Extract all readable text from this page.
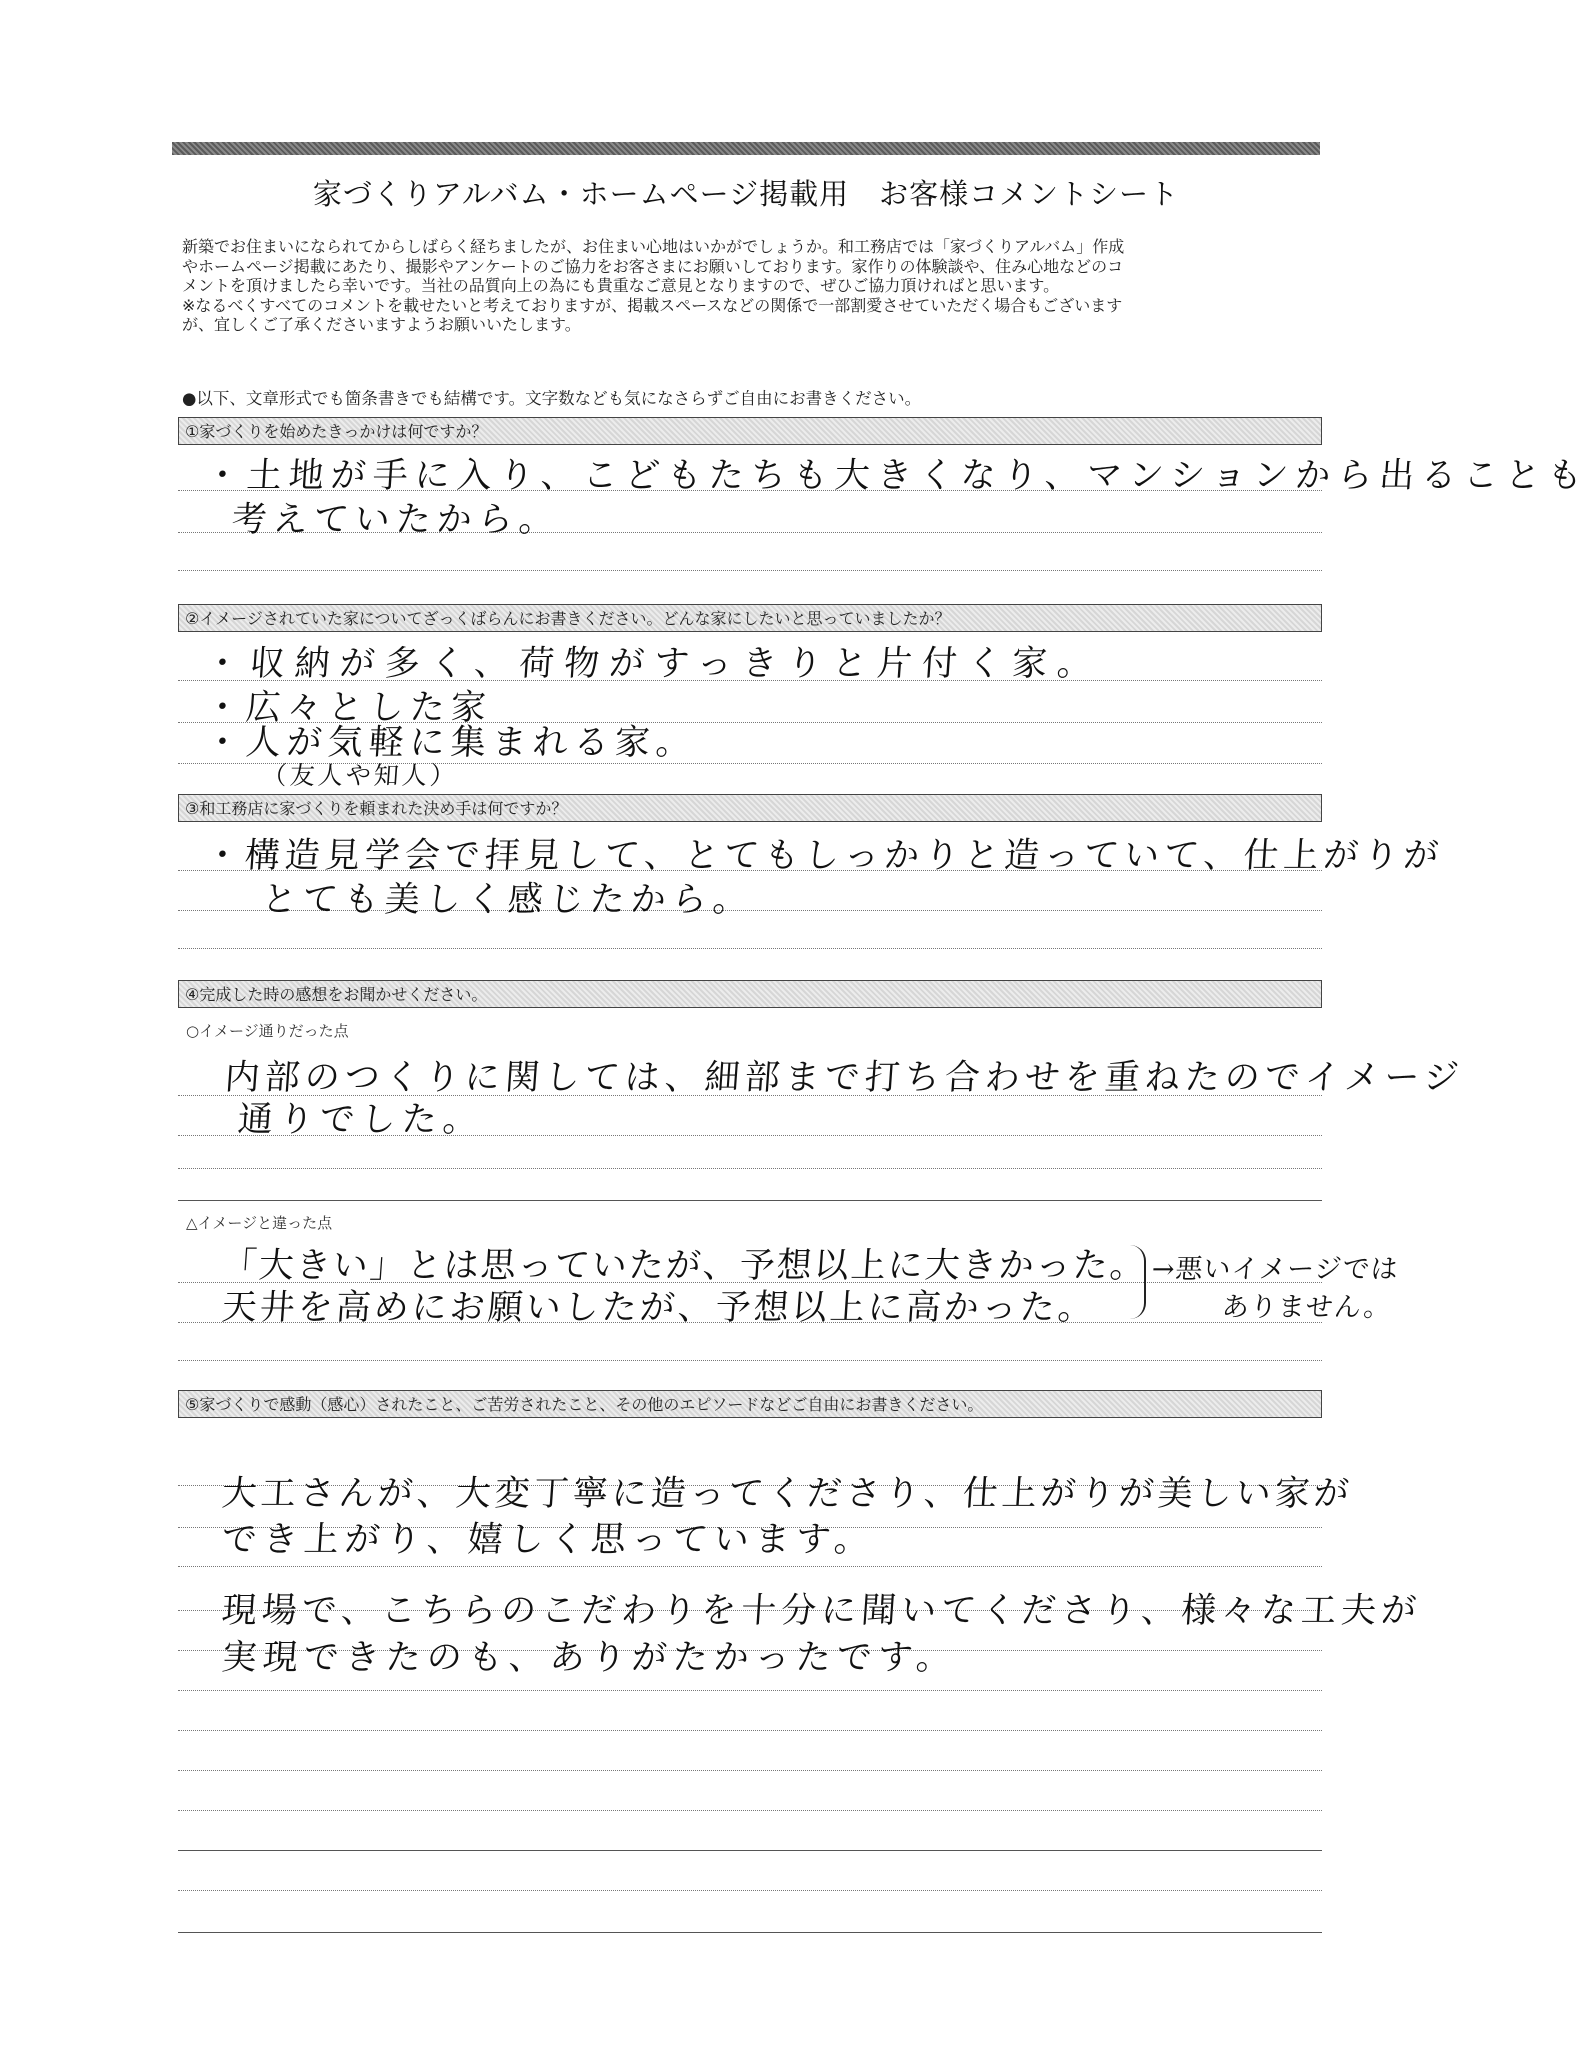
家づくりアルバム・ホームページ掲載用　お客様コメントシート
新築でお住まいになられてからしばらく経ちましたが、お住まい心地はいかがでしょうか。和工務店では「家づくりアルバム」作成
やホームページ掲載にあたり、撮影やアンケートのご協力をお客さまにお願いしております。家作りの体験談や、住み心地などのコ
メントを頂けましたら幸いです。当社の品質向上の為にも貴重なご意見となりますので、ぜひご協力頂ければと思います。
※なるべくすべてのコメントを載せたいと考えておりますが、掲載スペースなどの関係で一部割愛させていただく場合もございます
が、宜しくご了承くださいますようお願いいたします。
●以下、文章形式でも箇条書きでも結構です。文字数なども気になさらずご自由にお書きください。
①家づくりを始めたきっかけは何ですか？
・土地が手に入り、こどもたちも大きくなり、マンションから出ることも
考えていたから。
②イメージされていた家についてざっくばらんにお書きください。どんな家にしたいと思っていましたか？
・収納が多く、荷物がすっきりと片付く家。
・広々とした家
・人が気軽に集まれる家。
（友人や知人）
③和工務店に家づくりを頼まれた決め手は何ですか？
・構造見学会で拝見して、とてもしっかりと造っていて、仕上がりが
とても美しく感じたから。
④完成した時の感想をお聞かせください。
○イメージ通りだった点
内部のつくりに関しては、細部まで打ち合わせを重ねたのでイメージ
通りでした。
△イメージと違った点
「大きい」とは思っていたが、予想以上に大きかった。
天井を高めにお願いしたが、予想以上に高かった。
→悪いイメージでは
ありません。
⑤家づくりで感動（感心）されたこと、ご苦労されたこと、その他のエピソードなどご自由にお書きください。
大工さんが、大変丁寧に造ってくださり、仕上がりが美しい家が
でき上がり、嬉しく思っています。
現場で、こちらのこだわりを十分に聞いてくださり、様々な工夫が
実現できたのも、ありがたかったです。
